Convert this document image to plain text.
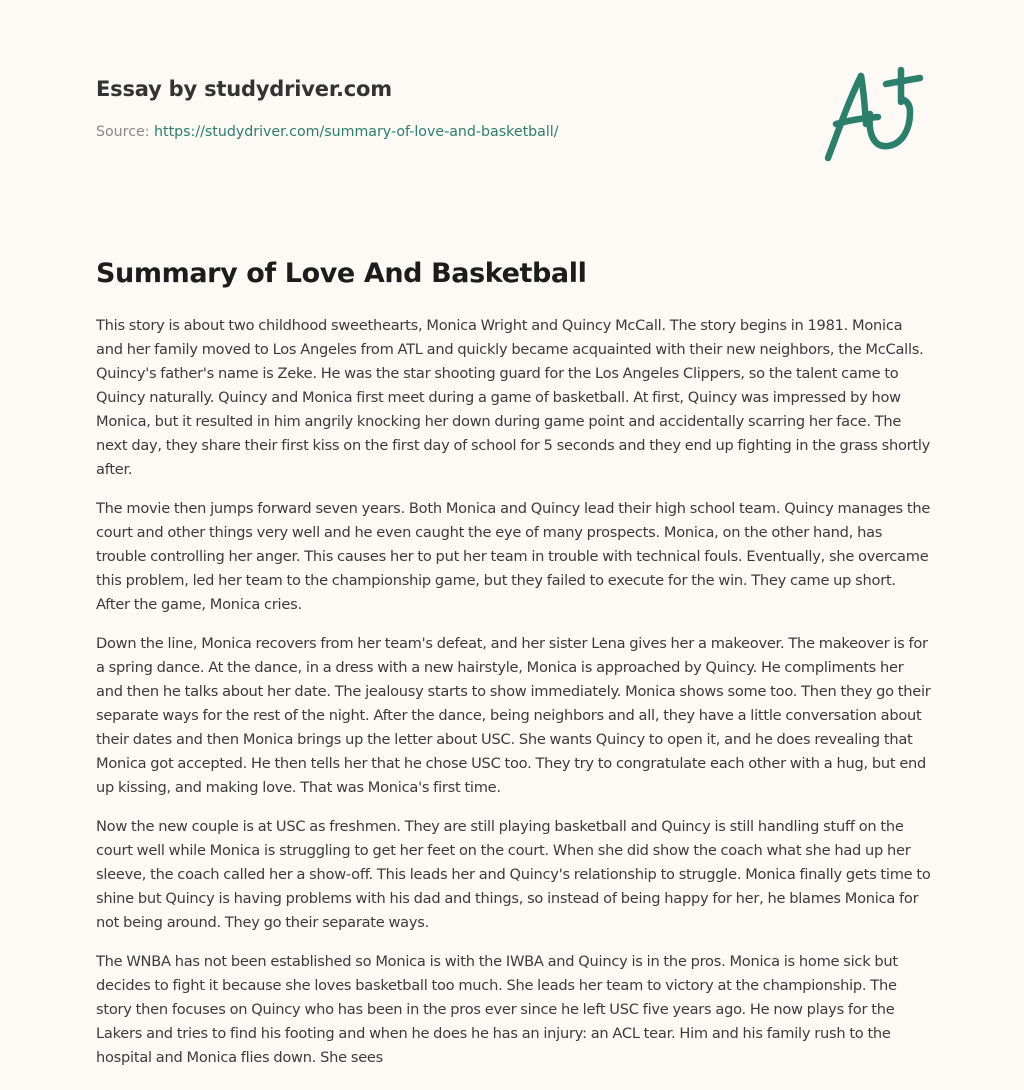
Essay by studydriver.com
Source: https://studydriver.com/summary-of-love-and-basketball/
Summary of Love And Basketball

This story is about two childhood sweethearts, Monica Wright and Quincy McCall. The story begins in 1981. Monica and her family moved to Los Angeles from ATL and quickly became acquainted with their new neighbors, the McCalls. Quincy's father's name is Zeke. He was the star shooting guard for the Los Angeles Clippers, so the talent came to Quincy naturally. Quincy and Monica first meet during a game of basketball. At first, Quincy was impressed by how Monica, but it resulted in him angrily knocking her down during game point and accidentally scarring her face. The next day, they share their first kiss on the first day of school for 5 seconds and they end up fighting in the grass shortly after.

The movie then jumps forward seven years. Both Monica and Quincy lead their high school team. Quincy manages the court and other things very well and he even caught the eye of many prospects. Monica, on the other hand, has trouble controlling her anger. This causes her to put her team in trouble with technical fouls. Eventually, she overcame this problem, led her team to the championship game, but they failed to execute for the win. They came up short. After the game, Monica cries.

Down the line, Monica recovers from her team's defeat, and her sister Lena gives her a makeover. The makeover is for a spring dance. At the dance, in a dress with a new hairstyle, Monica is approached by Quincy. He compliments her and then he talks about her date. The jealousy starts to show immediately. Monica shows some too. Then they go their separate ways for the rest of the night. After the dance, being neighbors and all, they have a little conversation about their dates and then Monica brings up the letter about USC. She wants Quincy to open it, and he does revealing that Monica got accepted. He then tells her that he chose USC too. They try to congratulate each other with a hug, but end up kissing, and making love. That was Monica's first time.

Now the new couple is at USC as freshmen. They are still playing basketball and Quincy is still handling stuff on the court well while Monica is struggling to get her feet on the court. When she did show the coach what she had up her sleeve, the coach called her a show-off. This leads her and Quincy's relationship to struggle. Monica finally gets time to shine but Quincy is having problems with his dad and things, so instead of being happy for her, he blames Monica for not being around. They go their separate ways.

The WNBA has not been established so Monica is with the IWBA and Quincy is in the pros. Monica is home sick but decides to fight it because she loves basketball too much. She leads her team to victory at the championship. The story then focuses on Quincy who has been in the pros ever since he left USC five years ago. He now plays for the Lakers and tries to find his footing and when he does he has an injury: an ACL tear. Him and his family rush to the hospital and Monica flies down. She sees
